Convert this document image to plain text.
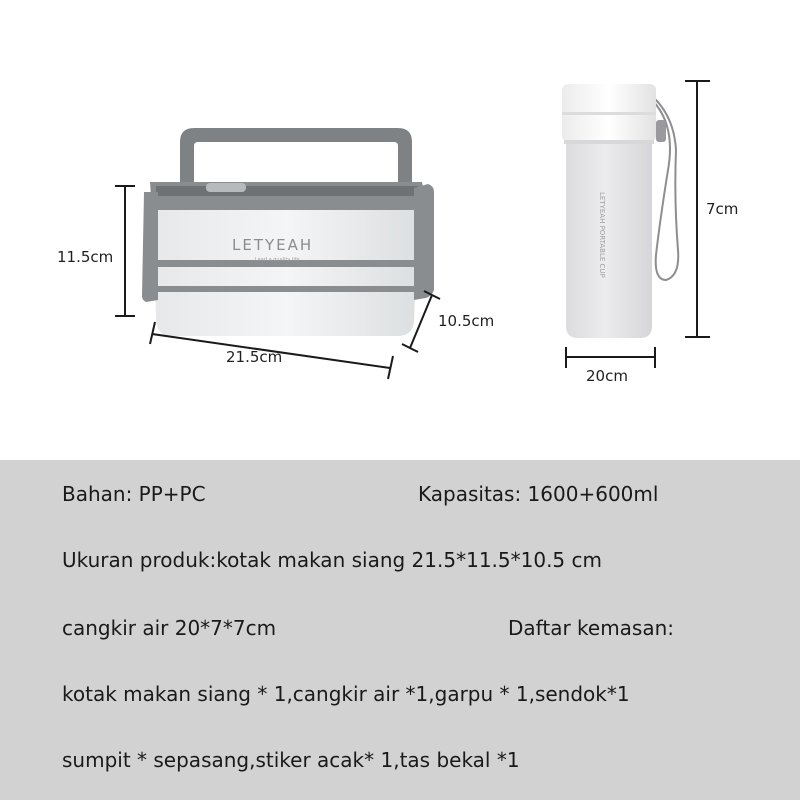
LETYEAH
Lead a quality life	LETYEAH PORTABLE CUP
11.5cm
21.5cm
10.5cm
7cm
20cm
Bahan: PP+PC	Kapasitas: 1600+600ml
Ukuran produk:kotak makan siang 21.5*11.5*10.5 cm
cangkir air 20*7*7cm	Daftar kemasan:
kotak makan siang * 1,cangkir air *1,garpu * 1,sendok*1
sumpit * sepasang,stiker acak* 1,tas bekal *1
